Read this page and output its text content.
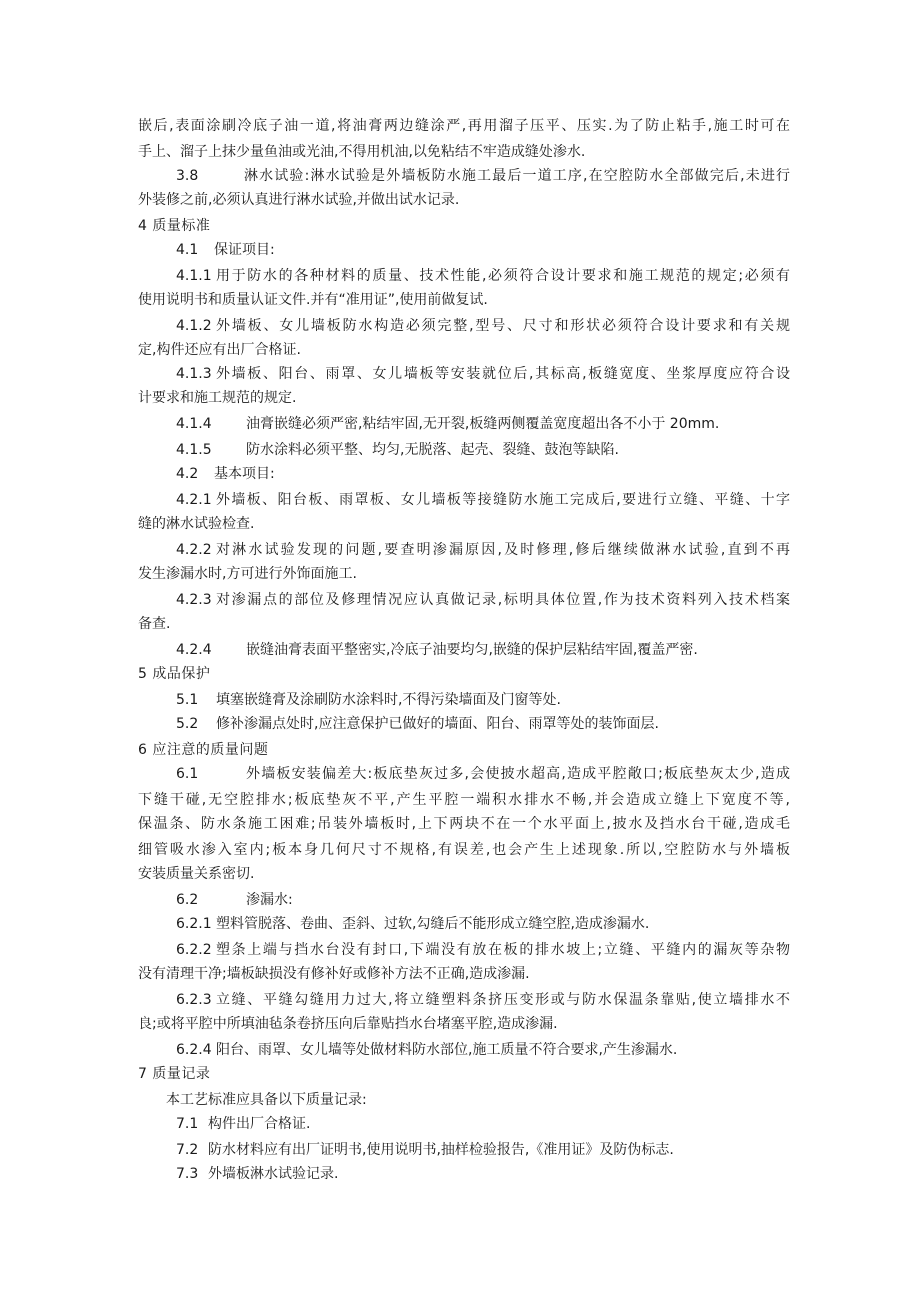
嵌后,表面涂刷冷底子油一道,将油膏两边缝涂严,再用溜子压平、压实.为了防止粘手,施工时可在
手上、溜子上抹少量鱼油或光油,不得用机油,以免粘结不牢造成缝处渗水.
3.8	淋水试验:淋水试验是外墙板防水施工最后一道工序,在空腔防水全部做完后,未进行
外装修之前,必须认真进行淋水试验,并做出试水记录.
4 质量标准
4.1 保证项目:
4.1.1 用于防水的各种材料的质量、技术性能,必须符合设计要求和施工规范的规定;必须有
使用说明书和质量认证文件.并有“准用证”,使用前做复试.
4.1.2 外墙板、女儿墙板防水构造必须完整,型号、尺寸和形状必须符合设计要求和有关规
定,构件还应有出厂合格证.
4.1.3 外墙板、阳台、雨罩、女儿墙板等安装就位后,其标高,板缝宽度、坐浆厚度应符合设
计要求和施工规范的规定.
4.1.4 油膏嵌缝必须严密,粘结牢固,无开裂,板缝两侧覆盖宽度超出各不小于 20mm.
4.1.5 防水涂料必须平整、均匀,无脱落、起壳、裂缝、鼓泡等缺陷.
4.2 基本项目:
4.2.1 外墙板、阳台板、雨罩板、女儿墙板等接缝防水施工完成后,要进行立缝、平缝、十字
缝的淋水试验检查.
4.2.2 对淋水试验发现的问题,要查明渗漏原因,及时修理,修后继续做淋水试验,直到不再
发生渗漏水时,方可进行外饰面施工.
4.2.3 对渗漏点的部位及修理情况应认真做记录,标明具体位置,作为技术资料列入技术档案
备查.
4.2.4 嵌缝油膏表面平整密实,冷底子油要均匀,嵌缝的保护层粘结牢固,覆盖严密.
5 成品保护
5.1 填塞嵌缝膏及涂刷防水涂料时,不得污染墙面及门窗等处.
5.2 修补渗漏点处时,应注意保护已做好的墙面、阳台、雨罩等处的装饰面层.
6 应注意的质量问题
6.1	外墙板安装偏差大:板底垫灰过多,会使披水超高,造成平腔敞口;板底垫灰太少,造成
下缝干碰,无空腔排水;板底垫灰不平,产生平腔一端积水排水不畅,并会造成立缝上下宽度不等,
保温条、防水条施工困难;吊装外墙板时,上下两块不在一个水平面上,披水及挡水台干碰,造成毛
细管吸水渗入室内;板本身几何尺寸不规格,有误差,也会产生上述现象.所以,空腔防水与外墙板
安装质量关系密切.
6.2	渗漏水:
6.2.1 塑料管脱落、卷曲、歪斜、过软,勾缝后不能形成立缝空腔,造成渗漏水.
6.2.2 塑条上端与挡水台没有封口,下端没有放在板的排水坡上;立缝、平缝内的漏灰等杂物
没有清理干净;墙板缺损没有修补好或修补方法不正确,造成渗漏.
6.2.3 立缝、平缝勾缝用力过大,将立缝塑料条挤压变形或与防水保温条靠贴,使立墙排水不
良;或将平腔中所填油毡条卷挤压向后靠贴挡水台堵塞平腔,造成渗漏.
6.2.4 阳台、雨罩、女儿墙等处做材料防水部位,施工质量不符合要求,产生渗漏水.
7 质量记录
本工艺标准应具备以下质量记录:
7.1 构件出厂合格证.
7.2 防水材料应有出厂证明书,使用说明书,抽样检验报告,《准用证》及防伪标志.
7.3 外墙板淋水试验记录.
